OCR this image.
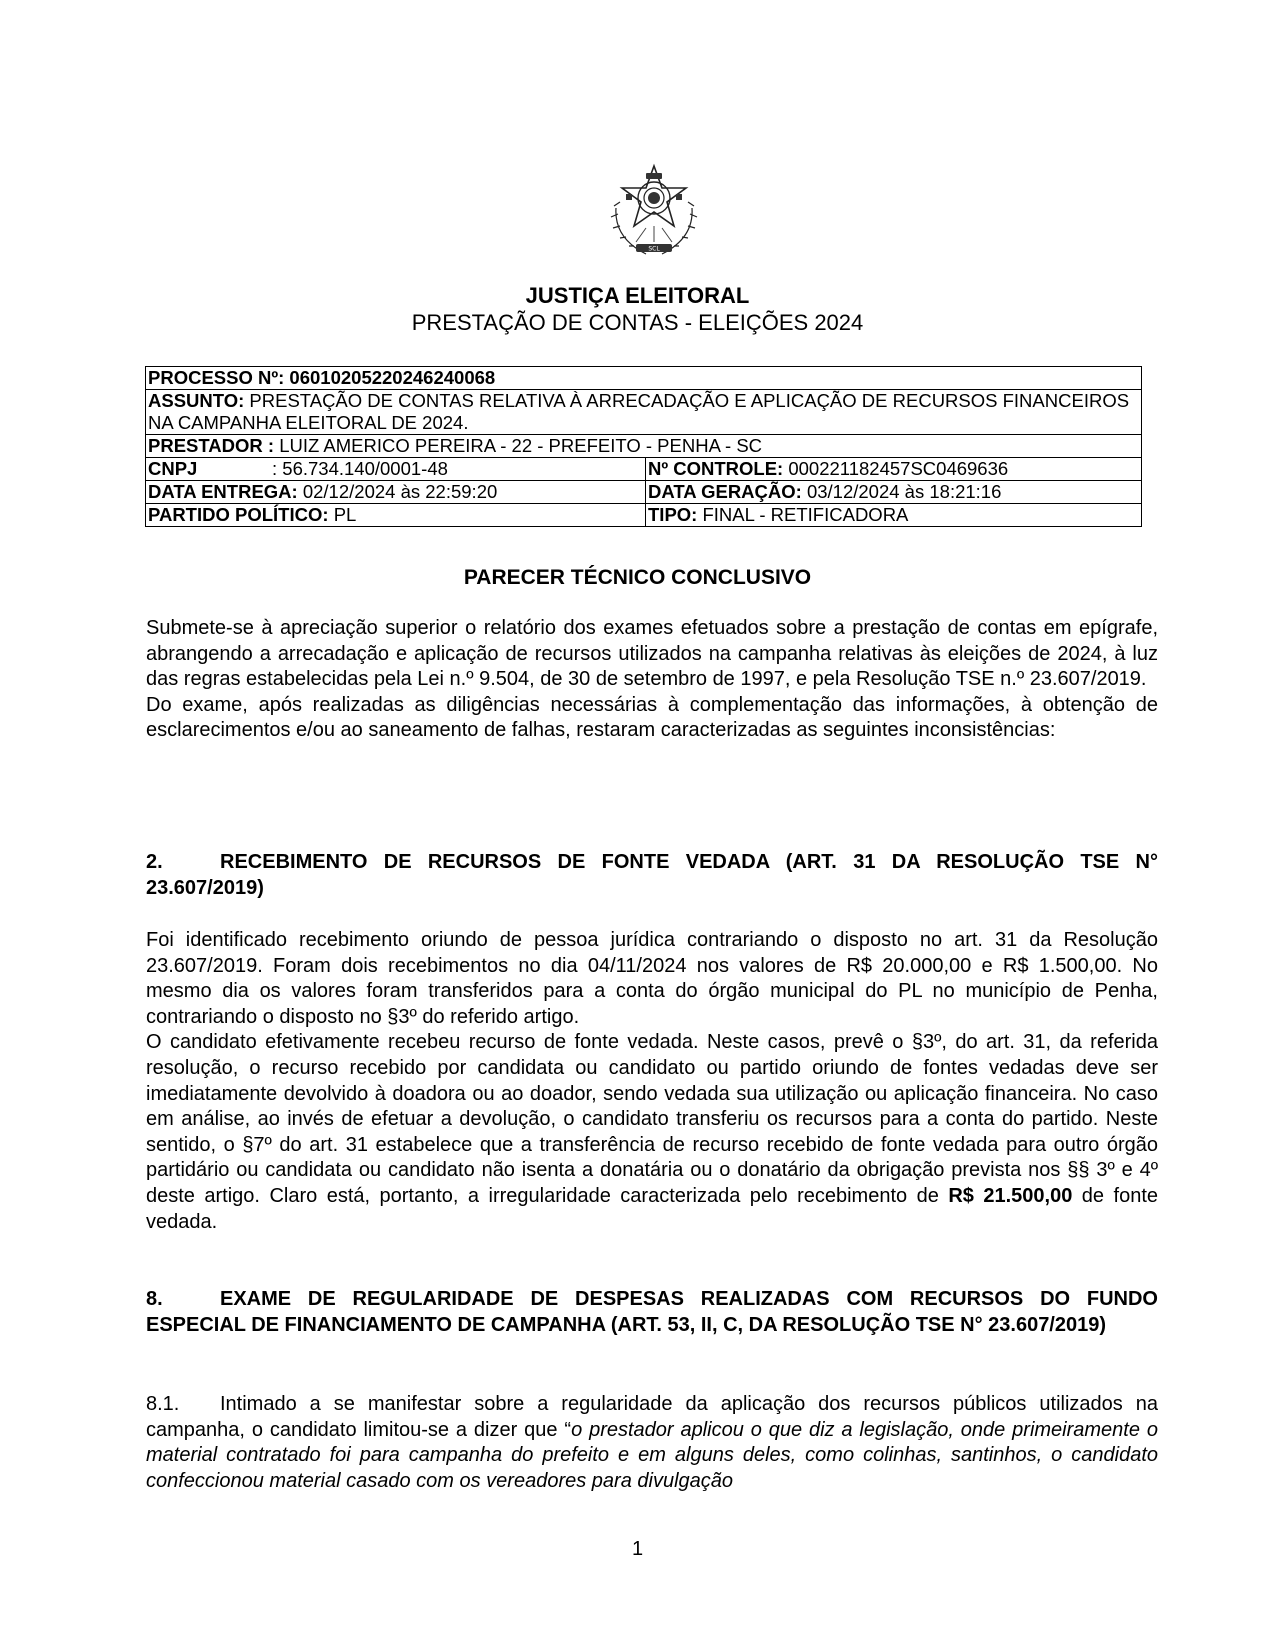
SCL
JUSTIÇA ELEITORAL
PRESTAÇÃO DE CONTAS - ELEIÇÕES 2024
PROCESSO Nº: 06010205220246240068	
ASSUNTO: PRESTAÇÃO DE CONTAS RELATIVA À ARRECADAÇÃO E APLICAÇÃO DE RECURSOS FINANCEIROS NA CAMPANHA ELEITORAL DE 2024.	
PRESTADOR : LUIZ AMERICO PEREIRA - 22 - PREFEITO - PENHA - SC	
CNPJ : 56.734.140/0001-48	Nº CONTROLE: 000221182457SC0469636
DATA ENTREGA: 02/12/2024 às 22:59:20	DATA GERAÇÃO: 03/12/2024 às 18:21:16
PARTIDO POLÍTICO: PL	TIPO: FINAL - RETIFICADORA
PARECER TÉCNICO CONCLUSIVO

Submete-se à apreciação superior o relatório dos exames efetuados sobre a prestação de contas em epígrafe, abrangendo a arrecadação e aplicação de recursos utilizados na campanha relativas às eleições de 2024, à luz das regras estabelecidas pela Lei n.º 9.504, de 30 de setembro de 1997, e pela Resolução TSE n.º 23.607/2019.

Do exame, após realizadas as diligências necessárias à complementação das informações, à obtenção de esclarecimentos e/ou ao saneamento de falhas, restaram caracterizadas as seguintes inconsistências:

2.	RECEBIMENTO DE RECURSOS DE FONTE VEDADA (ART. 31 DA RESOLUÇÃO TSE N° 23.607/2019)

Foi identificado recebimento oriundo de pessoa jurídica contrariando o disposto no art. 31 da Resolução 23.607/2019. Foram dois recebimentos no dia 04/11/2024 nos valores de R$ 20.000,00 e R$ 1.500,00. No mesmo dia os valores foram transferidos para a conta do órgão municipal do PL no município de Penha, contrariando o disposto no §3º do referido artigo.

O candidato efetivamente recebeu recurso de fonte vedada. Neste casos, prevê o §3º, do art. 31, da referida resolução, o recurso recebido por candidata ou candidato ou partido oriundo de fontes vedadas deve ser imediatamente devolvido à doadora ou ao doador, sendo vedada sua utilização ou aplicação financeira. No caso em análise, ao invés de efetuar a devolução, o candidato transferiu os recursos para a conta do partido. Neste sentido, o §7º do art. 31 estabelece que a transferência de recurso recebido de fonte vedada para outro órgão partidário ou candidata ou candidato não isenta a donatária ou o donatário da obrigação prevista nos §§ 3º e 4º deste artigo. Claro está, portanto, a irregularidade caracterizada pelo recebimento de R$ 21.500,00 de fonte vedada.

8.	EXAME DE REGULARIDADE DE DESPESAS REALIZADAS COM RECURSOS DO FUNDO ESPECIAL DE FINANCIAMENTO DE CAMPANHA (ART. 53, II, C, DA RESOLUÇÃO TSE N° 23.607/2019)

8.1. Intimado a se manifestar sobre a regularidade da aplicação dos recursos públicos utilizados na campanha, o candidato limitou-se a dizer que “o prestador aplicou o que diz a legislação, onde primeiramente o material contratado foi para campanha do prefeito e em alguns deles, como colinhas, santinhos, o candidato confeccionou material casado com os vereadores para divulgação

1
